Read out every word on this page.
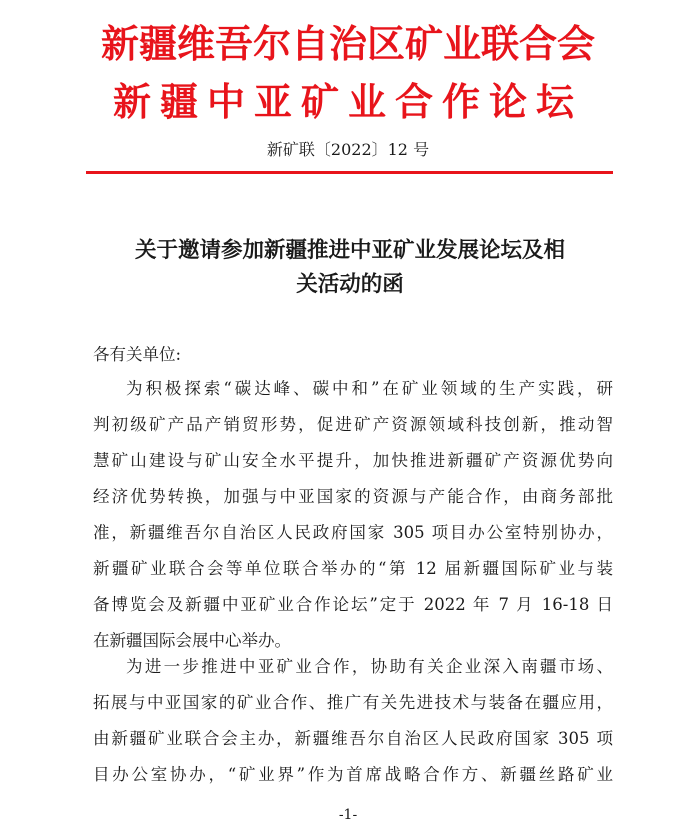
新疆维吾尔自治区矿业联合会
新疆中亚矿业合作论坛
新矿联〔2022〕12 号
关于邀请参加新疆推进中亚矿业发展论坛及相
关活动的函
各有关单位:
为积极探索“碳达峰、碳中和”在矿业领域的生产实践，研
判初级矿产品产销贸形势，促进矿产资源领域科技创新，推动智
慧矿山建设与矿山安全水平提升，加快推进新疆矿产资源优势向
经济优势转换，加强与中亚国家的资源与产能合作，由商务部批
准，新疆维吾尔自治区人民政府国家 305 项目办公室特别协办，
新疆矿业联合会等单位联合举办的“第 12 届新疆国际矿业与装
备博览会及新疆中亚矿业合作论坛”定于 2022 年 7 月 16-18 日
在新疆国际会展中心举办。
为进一步推进中亚矿业合作，协助有关企业深入南疆市场、
拓展与中亚国家的矿业合作、推广有关先进技术与装备在疆应用，
由新疆矿业联合会主办，新疆维吾尔自治区人民政府国家 305 项
目办公室协办，“矿业界”作为首席战略合作方、新疆丝路矿业
-1-
